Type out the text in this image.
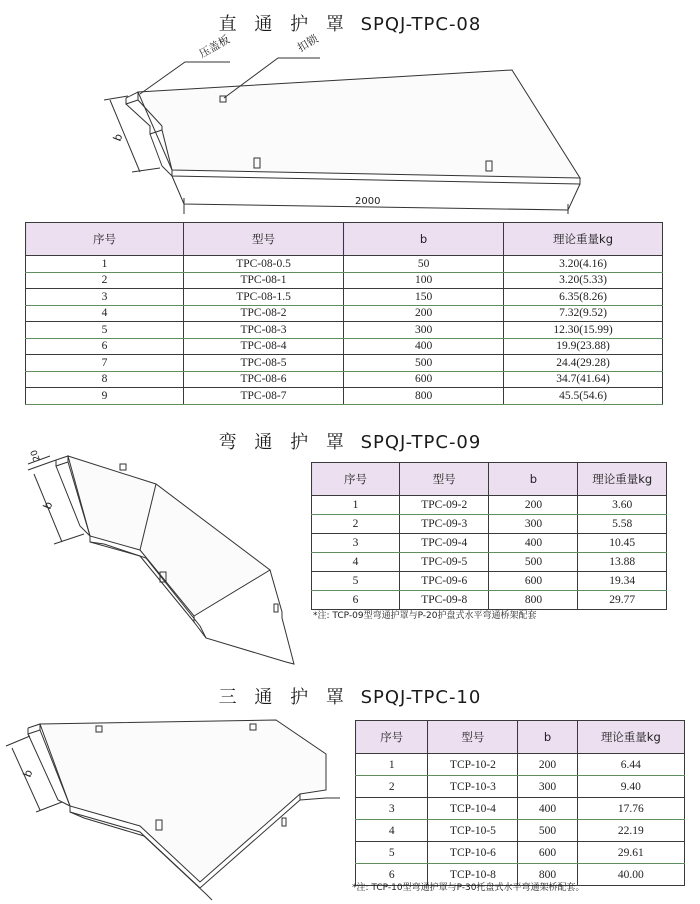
直 通 护 罩 SPQJ-TPC-08
压盖板	扣锁
b
2000
序号	型号	b	理论重量kg
1	TPC-08-0.5	50	3.20(4.16)
2	TPC-08-1	100	3.20(5.33)
3	TPC-08-1.5	150	6.35(8.26)
4	TPC-08-2	200	7.32(9.52)
5	TPC-08-3	300	12.30(15.99)
6	TPC-08-4	400	19.9(23.88)
7	TPC-08-5	500	24.4(29.28)
8	TPC-08-6	600	34.7(41.64)
9	TPC-08-7	800	45.5(54.6)
弯 通 护 罩 SPQJ-TPC-09
20
b
序号	型号	b	理论重量kg
1	TPC-09-2	200	3.60
2	TPC-09-3	300	5.58
3	TPC-09-4	400	10.45
4	TPC-09-5	500	13.88
5	TPC-09-6	600	19.34
6	TPC-09-8	800	29.77
*注: TCP-09型弯通护罩与P-20护盘式水平弯通桥架配套
三 通 护 罩 SPQJ-TPC-10
b
序号	型号	b	理论重量kg
1	TCP-10-2	200	6.44
2	TCP-10-3	300	9.40
3	TCP-10-4	400	17.76
4	TCP-10-5	500	22.19
5	TCP-10-6	600	29.61
6	TCP-10-8	800	40.00
*注: TCP-10型弯通护罩与P-30托盘式水平弯通架桥配套。
